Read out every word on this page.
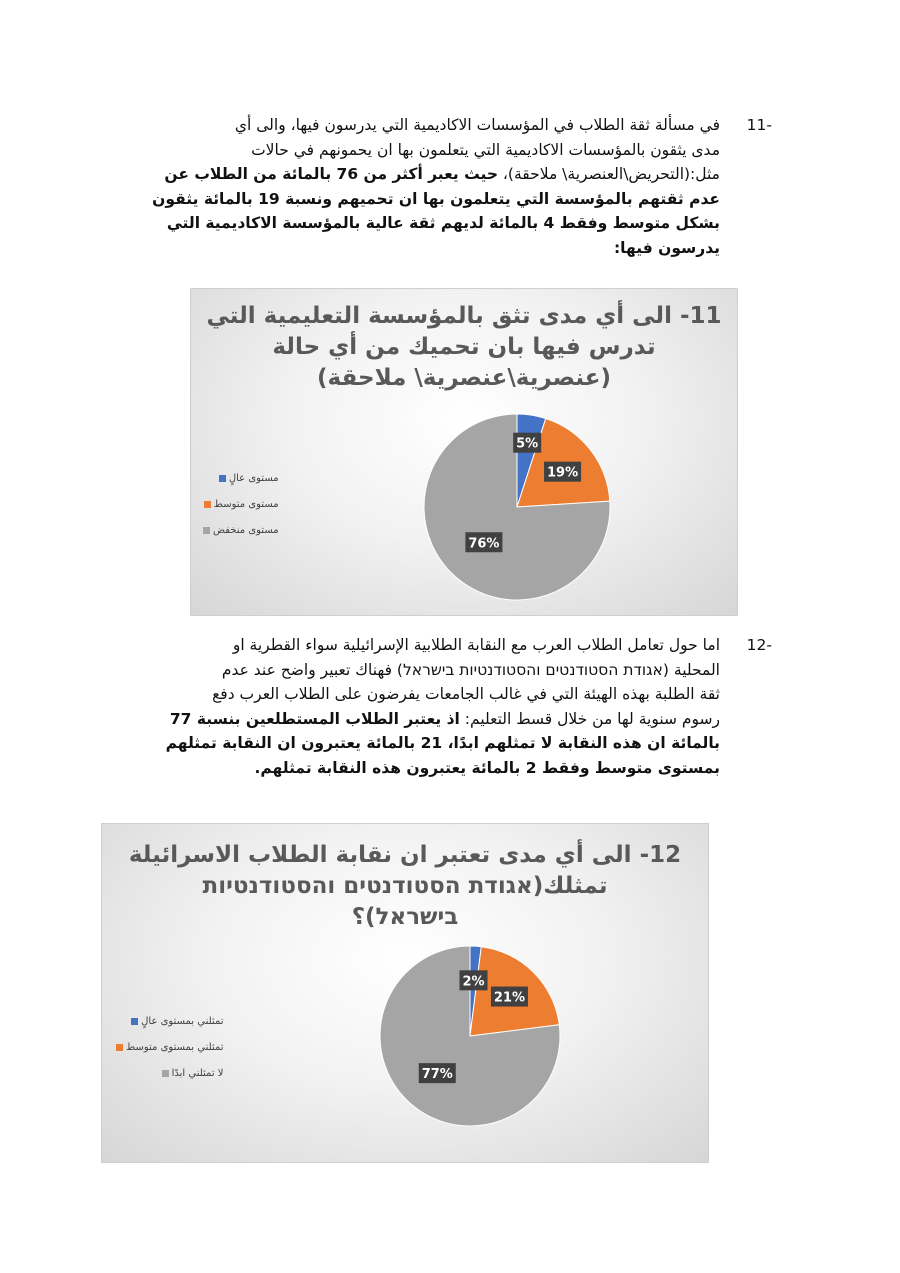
11-
في مسألة ثقة الطلاب في المؤسسات الاكاديمية التي يدرسون فيها، والى أي
مدى يثقون بالمؤسسات الاكاديمية التي يتعلمون بها ان يحمونهم في حالات
مثل:(التحريض\العنصرية\ ملاحقة)، حيث يعبر أكثر من 76 بالمائة من الطلاب عن
عدم ثقتهم بالمؤسسة التي يتعلمون بها ان تحميهم ونسبة 19 بالمائة يثقون
بشكل متوسط وفقط 4 بالمائة لديهم ثقة عالية بالمؤسسة الاكاديمية التي
يدرسون فيها:
11- الى أي مدى تثق بالمؤسسة التعليمية التي
تدرس فيها بان تحميك من أي حالة
(عنصرية\عنصرية\ ملاحقة)
مستوى عالٍ
مستوى متوسط
مستوى منخفض
5%
19%
76%
12-
اما حول تعامل الطلاب العرب مع النقابة الطلابية الإسرائيلية سواء القطرية او
المحلية (אגודת הסטודנטים והסטודנטיות בישראל) فهناك تعبير واضح عند عدم
ثقة الطلبة بهذه الهيئة التي في غالب الجامعات يفرضون على الطلاب العرب دفع
رسوم سنوية لها من خلال قسط التعليم: اذ يعتبر الطلاب المستطلعين بنسبة 77
بالمائة ان هذه النقابة لا تمثلهم ابدًا، 21 بالمائة يعتبرون ان النقابة تمثلهم
بمستوى متوسط وفقط 2 بالمائة يعتبرون هذه النقابة تمثلهم.
12- الى أي مدى تعتبر ان نقابة الطلاب الاسرائيلة
تمثلك(אגודת הסטודנטים והסטודנטיות
בישראל)؟
تمثلني بمستوى عالٍ
تمثلني بمستوى متوسط
لا تمثلني ابدًا
2%
21%
77%
